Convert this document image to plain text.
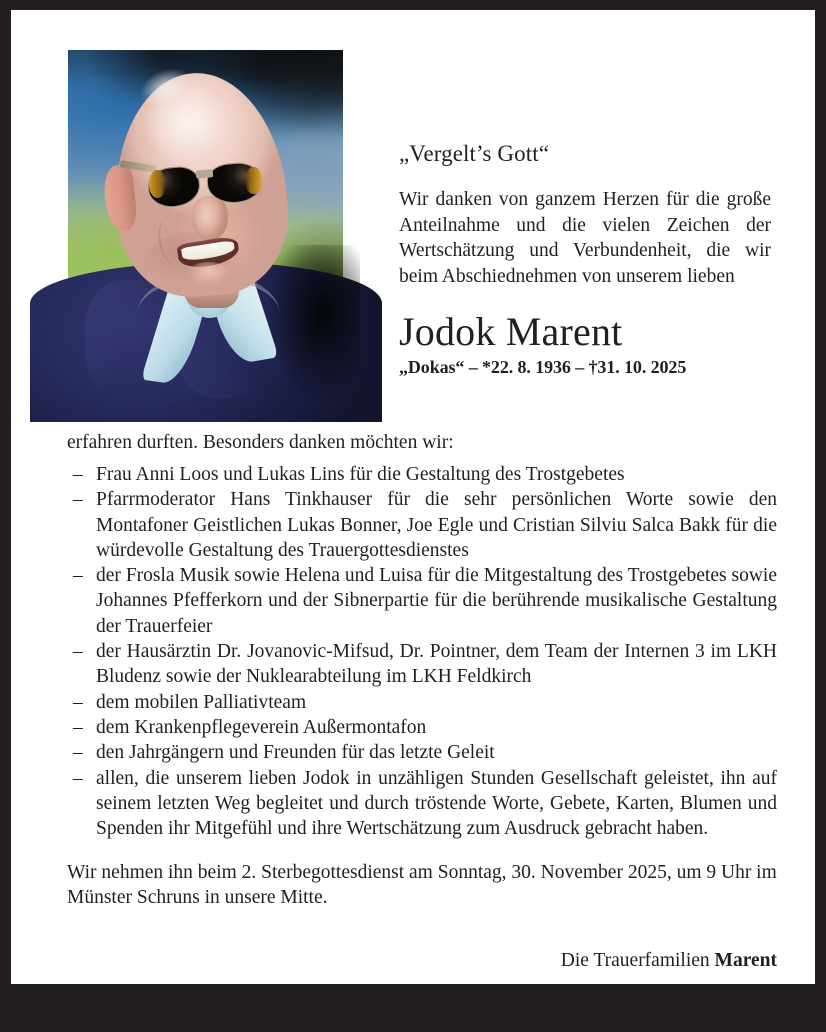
„Vergelt’s Gott“
Wir danken von ganzem Herzen für die große Anteilnahme und die vielen Zeichen der Wertschätzung und Verbundenheit, die wir beim Abschiednehmen von unserem lieben
Jodok Marent
„Dokas“ – *22. 8. 1936 – †31. 10. 2025
erfahren durften. Besonders danken möchten wir:
– Frau Anni Loos und Lukas Lins für die Gestaltung des Trostgebetes
– Pfarrmoderator Hans Tinkhauser für die sehr persönlichen Worte sowie den Montafoner Geistlichen Lukas Bonner, Joe Egle und Cristian Silviu Salca Bakk für die würdevolle Gestaltung des Trauergottesdienstes
– der Frosla Musik sowie Helena und Luisa für die Mitgestaltung des Trostgebetes sowie Johannes Pfefferkorn und der Sibnerpartie für die berührende musikalische Gestaltung der Trauerfeier
– der Hausärztin Dr. Jovanovic-Mifsud, Dr. Pointner, dem Team der Internen 3 im LKH Bludenz sowie der Nuklearabteilung im LKH Feldkirch
– dem mobilen Palliativteam
– dem Krankenpflegeverein Außermontafon
– den Jahrgängern und Freunden für das letzte Geleit
– allen, die unserem lieben Jodok in unzähligen Stunden Gesellschaft geleistet, ihn auf seinem letzten Weg begleitet und durch tröstende Worte, Gebete, Karten, Blumen und Spenden ihr Mitgefühl und ihre Wertschätzung zum Ausdruck gebracht haben.
Wir nehmen ihn beim 2. Sterbegottesdienst am Sonntag, 30. November 2025, um 9 Uhr im Münster Schruns in unsere Mitte.
Die Trauerfamilien Marent
Schruns, im November 2025
